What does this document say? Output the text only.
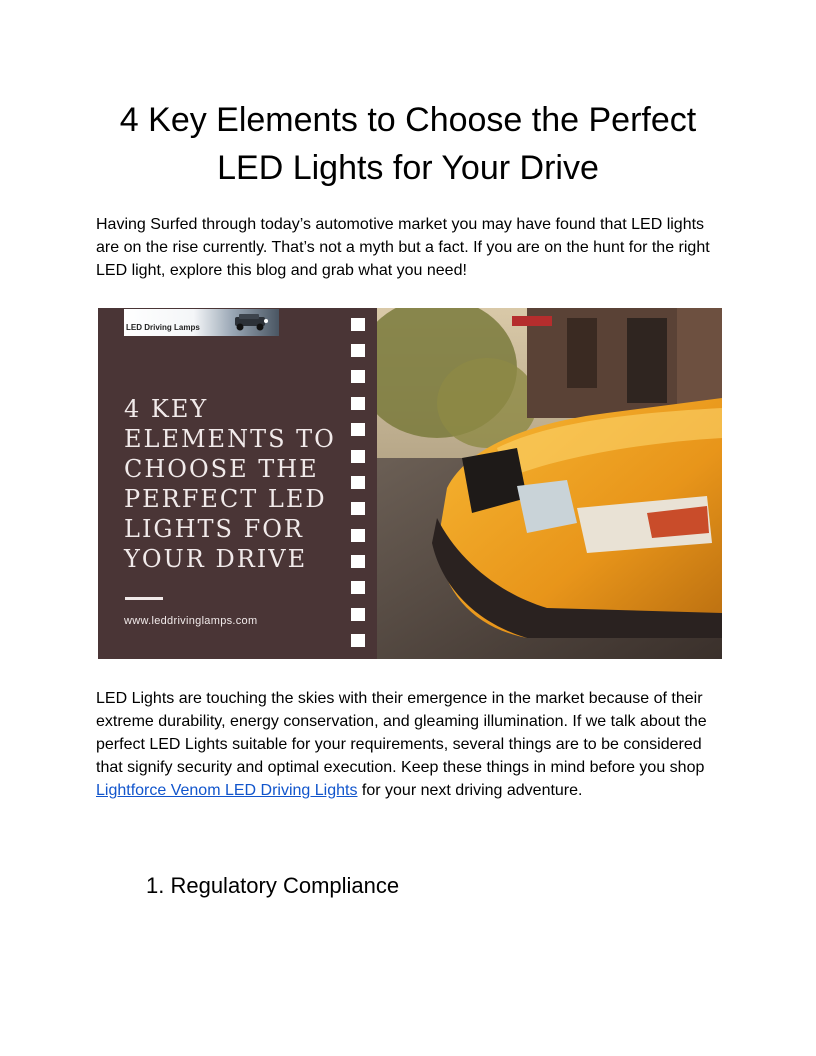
4 Key Elements to Choose the Perfect LED Lights for Your Drive

Having Surfed through today’s automotive market you may have found that LED lights are on the rise currently. That’s not a myth but a fact. If you are on the hunt for the right LED light, explore this blog and grab what you need!

LED Driving Lamps
4 KEY ELEMENTS TO CHOOSE THE PERFECT LED LIGHTS FOR YOUR DRIVE
www.leddrivinglamps.com

LED Lights are touching the skies with their emergence in the market because of their extreme durability, energy conservation, and gleaming illumination. If we talk about the perfect LED Lights suitable for your requirements, several things are to be considered that signify security and optimal execution. Keep these things in mind before you shop Lightforce Venom LED Driving Lights for your next driving adventure.

1. Regulatory Compliance
